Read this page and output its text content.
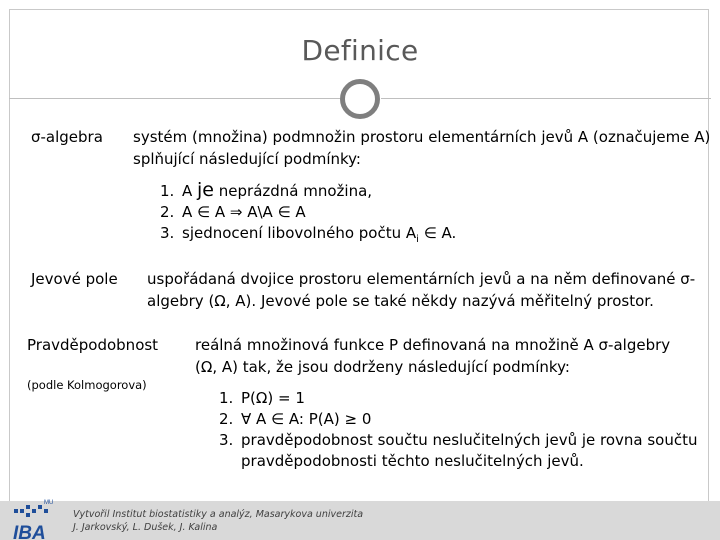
Definice
σ-algebra systém (množina) podmnožin prostoru elementárních jevů A (označujeme A)
splňující následující podmínky:
1. A je neprázdná množina,
2. A ∈ A ⇒ A\A ∈ A
3. sjednocení libovolného počtu $A_i$ ∈ A.
Jevové pole uspořádaná dvojice prostoru elementárních jevů a na něm definované σ-
algebry (Ω, A). Jevové pole se také někdy nazývá měřitelný prostor.
Pravděpodobnost
(podle Kolmogorova)
reálná množinová funkce P definovaná na množině A σ-algebry
(Ω, A) tak, že jsou dodrženy následující podmínky:
1. P(Ω) = 1
2. ∀ A ∈ A: P(A) ≥ 0
3. pravděpodobnost součtu neslučitelných jevů je rovna součtu
pravděpodobnosti těchto neslučitelných jevů.
MU
IBA
Vytvořil Institut biostatistiky a analýz, Masarykova univerzita
J. Jarkovský, L. Dušek, J. Kalina
